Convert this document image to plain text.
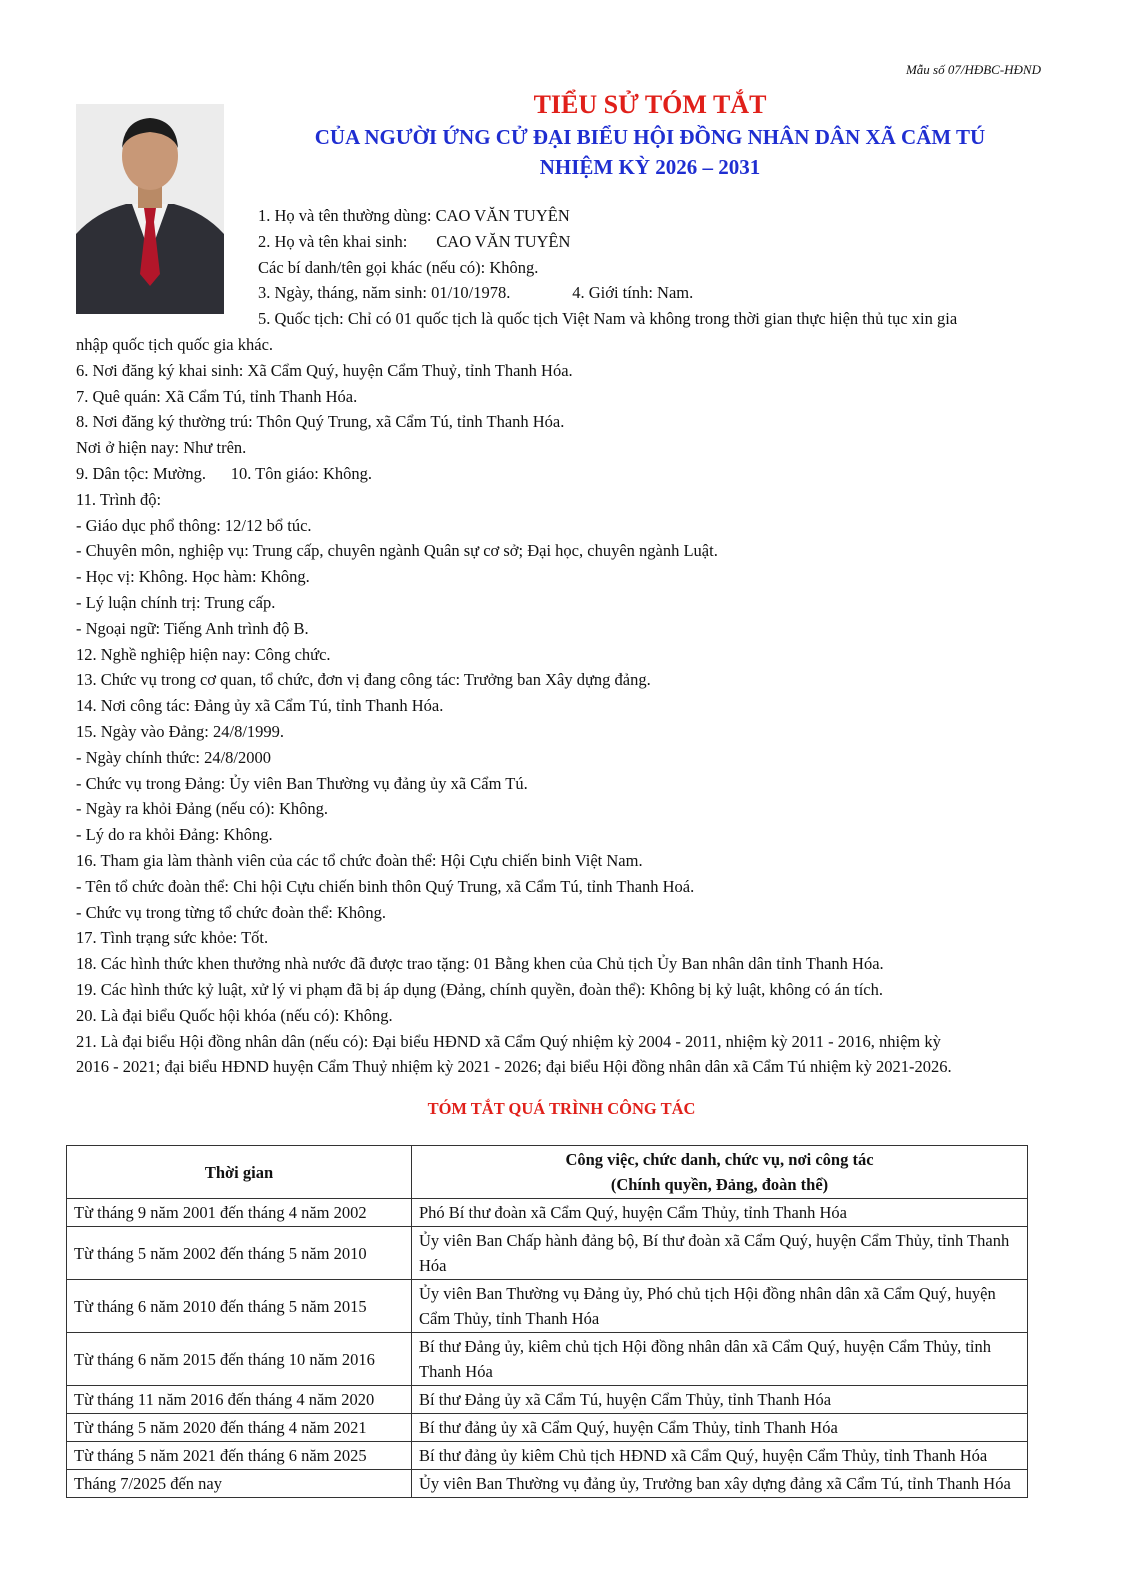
Mẫu số 07/HĐBC-HĐND
TIỂU SỬ TÓM TẮT
CỦA NGƯỜI ỨNG CỬ ĐẠI BIỂU HỘI ĐỒNG NHÂN DÂN XÃ CẨM TÚ
NHIỆM KỲ 2026 – 2031
1. Họ và tên thường dùng: CAO VĂN TUYÊN
2. Họ và tên khai sinh:       CAO VĂN TUYÊN
Các bí danh/tên gọi khác (nếu có): Không.
3. Ngày, tháng, năm sinh: 01/10/1978.               4. Giới tính: Nam.
5. Quốc tịch: Chỉ có 01 quốc tịch là quốc tịch Việt Nam và không trong thời gian thực hiện thủ tục xin gia
nhập quốc tịch quốc gia khác.
6. Nơi đăng ký khai sinh: Xã Cẩm Quý, huyện Cẩm Thuỷ, tỉnh Thanh Hóa.
7. Quê quán: Xã Cẩm Tú, tỉnh Thanh Hóa.
8. Nơi đăng ký thường trú: Thôn Quý Trung, xã Cẩm Tú, tỉnh Thanh Hóa.
Nơi ở hiện nay: Như trên.
9. Dân tộc: Mường.      10. Tôn giáo: Không.
11. Trình độ:
- Giáo dục phổ thông: 12/12 bổ túc.
- Chuyên môn, nghiệp vụ: Trung cấp, chuyên ngành Quân sự cơ sở; Đại học, chuyên ngành Luật.
- Học vị: Không. Học hàm: Không.
- Lý luận chính trị: Trung cấp.
- Ngoại ngữ: Tiếng Anh trình độ B.
12. Nghề nghiệp hiện nay: Công chức.
13. Chức vụ trong cơ quan, tổ chức, đơn vị đang công tác: Trưởng ban Xây dựng đảng.
14. Nơi công tác: Đảng ủy xã Cẩm Tú, tỉnh Thanh Hóa.
15. Ngày vào Đảng: 24/8/1999.
- Ngày chính thức: 24/8/2000
- Chức vụ trong Đảng: Ủy viên Ban Thường vụ đảng ủy xã Cẩm Tú.
- Ngày ra khỏi Đảng (nếu có): Không.
- Lý do ra khỏi Đảng: Không.
16. Tham gia làm thành viên của các tổ chức đoàn thể: Hội Cựu chiến binh Việt Nam.
- Tên tổ chức đoàn thể: Chi hội Cựu chiến binh thôn Quý Trung, xã Cẩm Tú, tỉnh Thanh Hoá.
- Chức vụ trong từng tổ chức đoàn thể: Không.
17. Tình trạng sức khỏe: Tốt.
18. Các hình thức khen thưởng nhà nước đã được trao tặng: 01 Bằng khen của Chủ tịch Ủy Ban nhân dân tỉnh Thanh Hóa.
19. Các hình thức kỷ luật, xử lý vi phạm đã bị áp dụng (Đảng, chính quyền, đoàn thể): Không bị kỷ luật, không có án tích.
20. Là đại biểu Quốc hội khóa (nếu có): Không.
21. Là đại biểu Hội đồng nhân dân (nếu có): Đại biểu HĐND xã Cẩm Quý nhiệm kỳ 2004 - 2011, nhiệm kỳ 2011 - 2016, nhiệm kỳ
2016 - 2021; đại biểu HĐND huyện Cẩm Thuỷ nhiệm kỳ 2021 - 2026; đại biểu Hội đồng nhân dân xã Cẩm Tú nhiệm kỳ 2021-2026.
TÓM TẮT QUÁ TRÌNH CÔNG TÁC
Thời gian	Công việc, chức danh, chức vụ, nơi công tác
(Chính quyền, Đảng, đoàn thể)

Từ tháng 9 năm 2001 đến tháng 4 năm 2002	Phó Bí thư đoàn xã Cẩm Quý, huyện Cẩm Thủy, tỉnh Thanh Hóa
Từ tháng 5 năm 2002 đến tháng 5 năm 2010	Ủy viên Ban Chấp hành đảng bộ, Bí thư đoàn xã Cẩm Quý, huyện Cẩm Thủy, tỉnh Thanh Hóa
Từ tháng 6 năm 2010 đến tháng 5 năm 2015	Ủy viên Ban Thường vụ Đảng ủy, Phó chủ tịch Hội đồng nhân dân xã Cẩm Quý, huyện Cẩm Thủy, tỉnh Thanh Hóa
Từ tháng 6 năm 2015 đến tháng 10 năm 2016	Bí thư Đảng ủy, kiêm chủ tịch Hội đồng nhân dân xã Cẩm Quý, huyện Cẩm Thủy, tỉnh Thanh Hóa
Từ tháng 11 năm 2016 đến tháng 4 năm 2020	Bí thư Đảng ủy xã Cẩm Tú, huyện Cẩm Thủy, tỉnh Thanh Hóa
Từ tháng 5 năm 2020 đến tháng 4 năm 2021	Bí thư đảng ủy xã Cẩm Quý, huyện Cẩm Thủy, tỉnh Thanh Hóa
Từ tháng 5 năm 2021 đến tháng 6 năm 2025	Bí thư đảng ủy kiêm Chủ tịch HĐND xã Cẩm Quý, huyện Cẩm Thủy, tỉnh Thanh Hóa
Tháng 7/2025 đến nay	Ủy viên Ban Thường vụ đảng ủy, Trưởng ban xây dựng đảng xã Cẩm Tú, tỉnh Thanh Hóa
